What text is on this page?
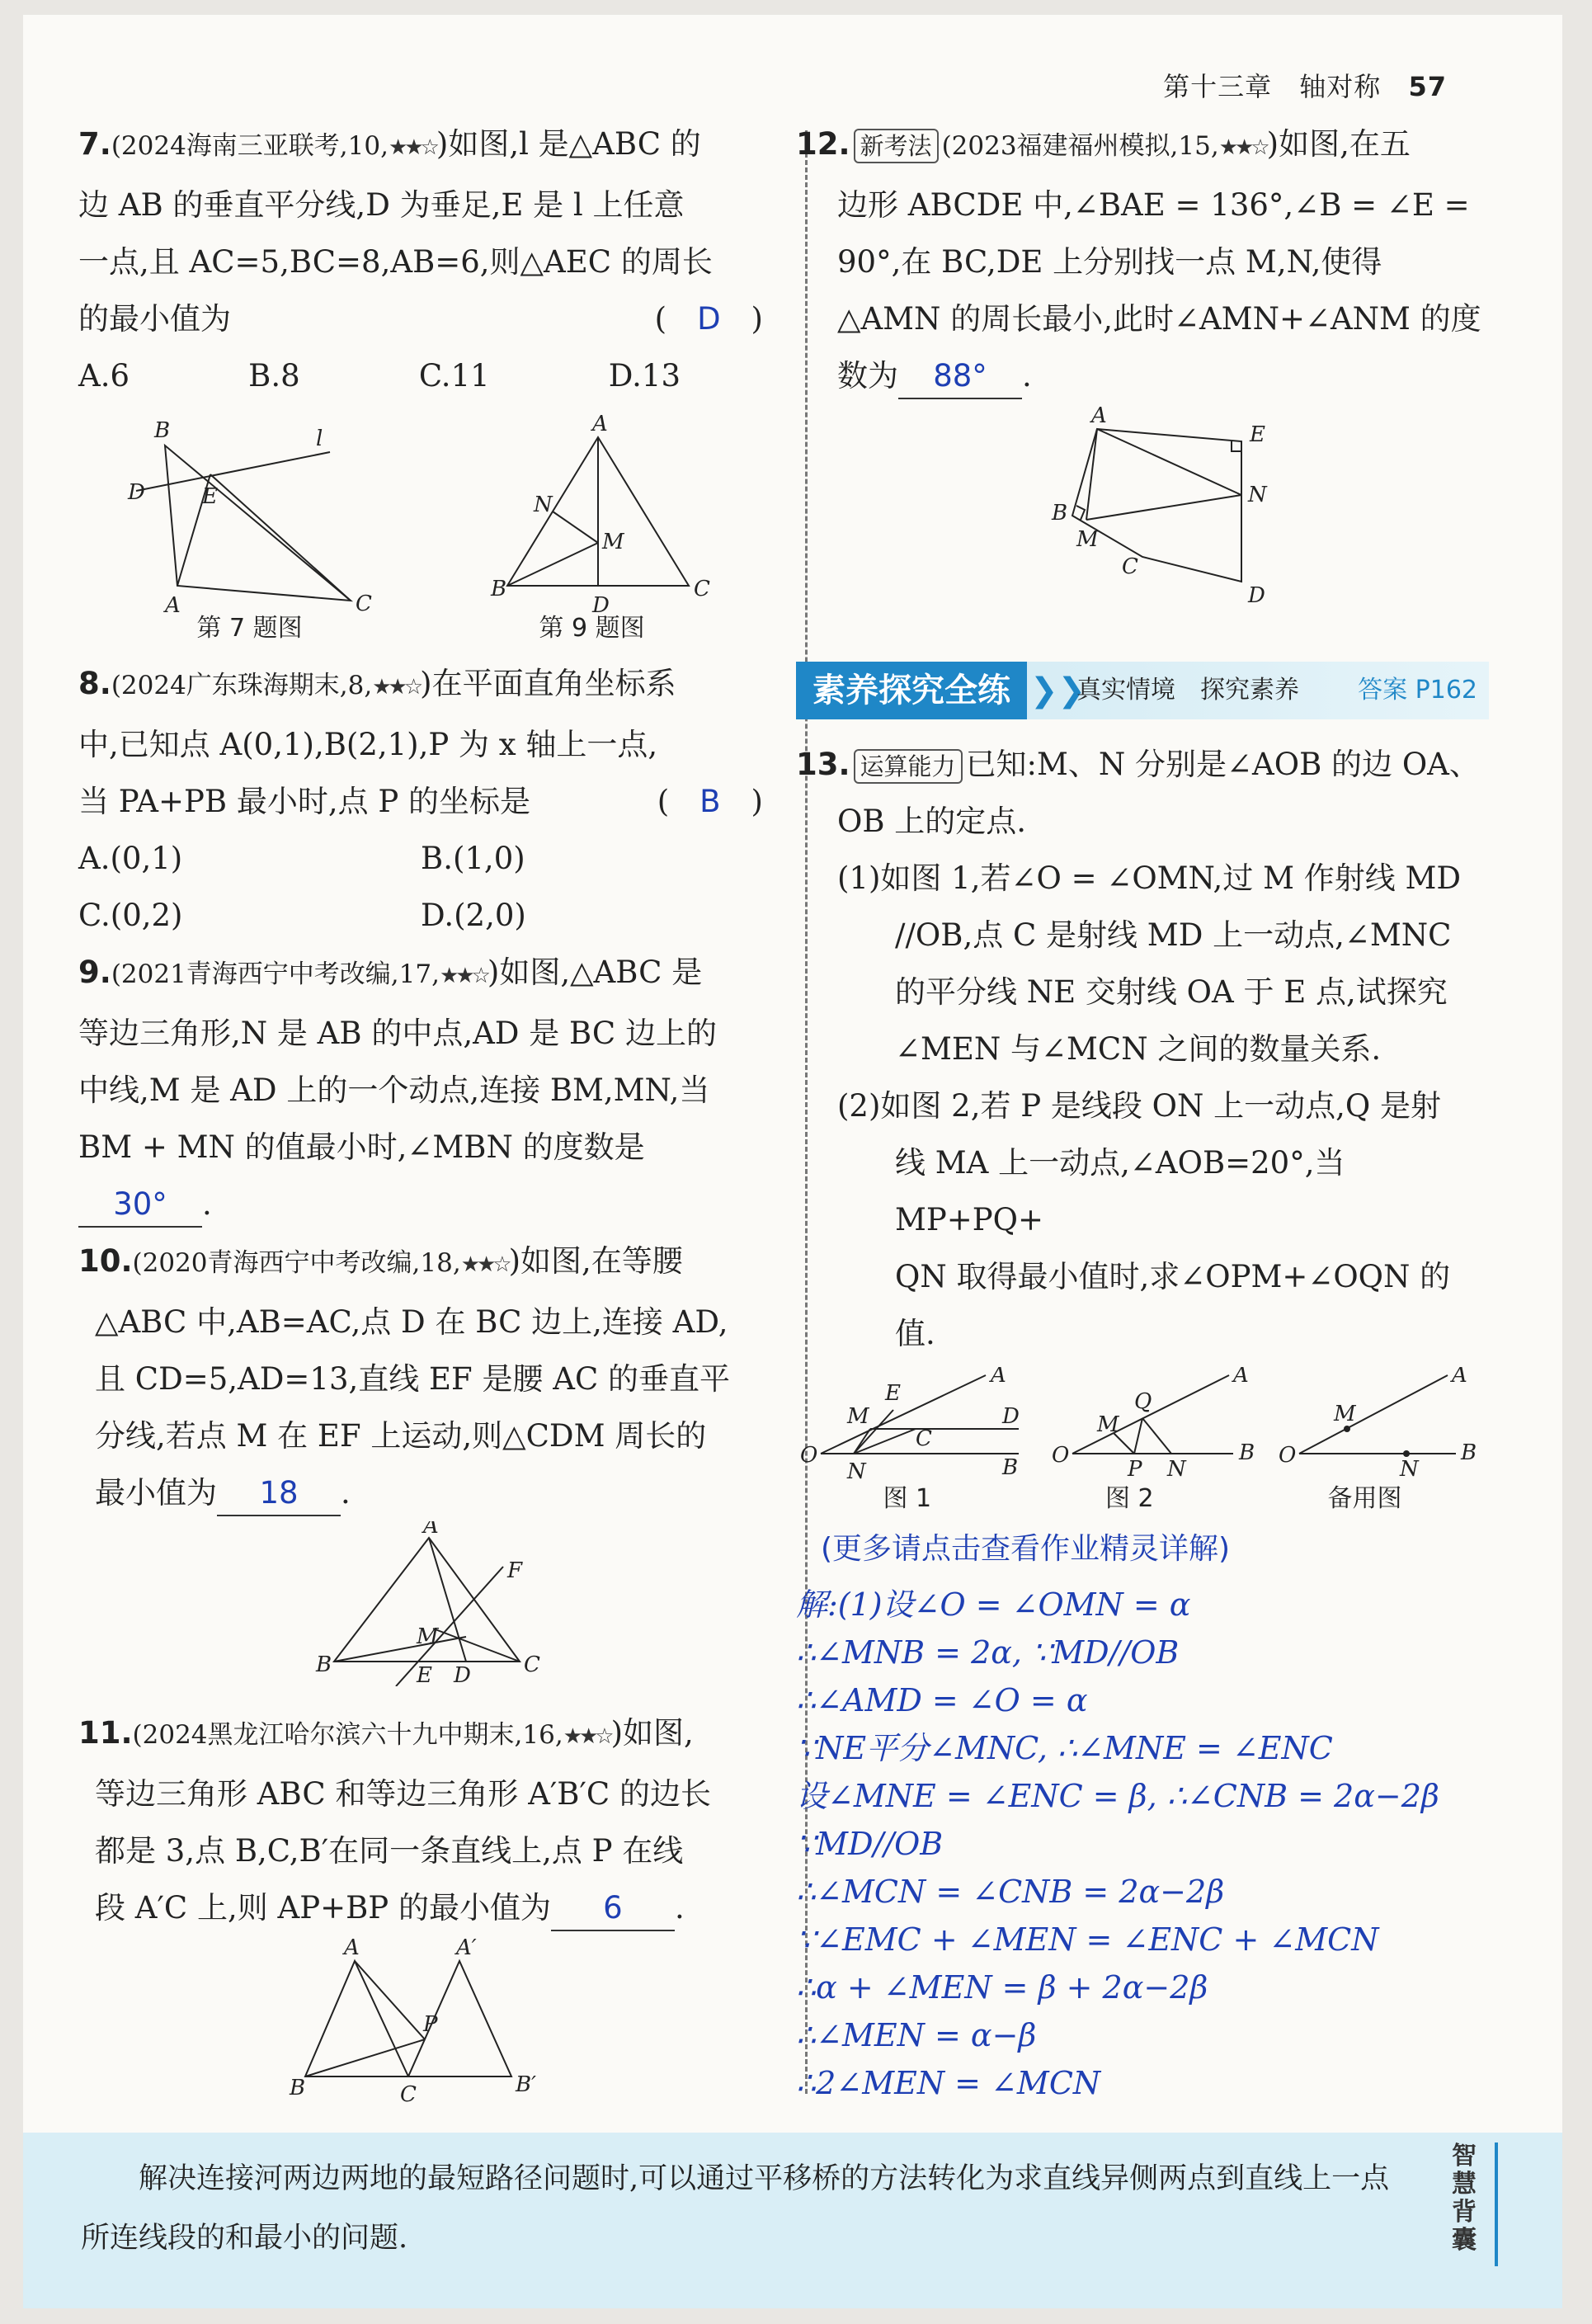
第十三章 轴对称 57

7.(2024海南三亚联考,10,★★☆)如图,l 是△ABC 的

边 AB 的垂直平分线,D 为垂足,E 是 l 上任意

一点,且 AC=5,BC=8,AB=6,则△AEC 的周长

的最小值为	(　D　)

A.6	B.8	C.11	D.13
B
D
l
E
A	C
A
N
M
B
D
C
第 7 题图	第 9 题图

8.(2024广东珠海期末,8,★★☆)在平面直角坐标系

中,已知点 A(0,1),B(2,1),P 为 x 轴上一点,

当 PA+PB 最小时,点 P 的坐标是	(　B　)

A.(0,1)	B.(1,0)
C.(0,2)	D.(2,0)

9.(2021青海西宁中考改编,17,★★☆)如图,△ABC 是

等边三角形,N 是 AB 的中点,AD 是 BC 边上的

中线,M 是 AD 上的一个动点,连接 BM,MN,当

BM + MN 的值最小时,∠MBN 的度数是

30° .

10.(2020青海西宁中考改编,18,★★☆)如图,在等腰

△ABC 中,AB=AC,点 D 在 BC 边上,连接 AD,

且 CD=5,AD=13,直线 EF 是腰 AC 的垂直平

分线,若点 M 在 EF 上运动,则△CDM 周长的

最小值为 18 .

A
F
M
B	E D C

11.(2024黑龙江哈尔滨六十九中期末,16,★★☆)如图,

等边三角形 ABC 和等边三角形 A′B′C 的边长

都是 3,点 B,C,B′在同一条直线上,点 P 在线

段 A′C 上,则 AP+BP 的最小值为 6 .

A	A′
P
B	C	B′

12. 新考法 (2023福建福州模拟,15,★★☆)如图,在五

边形 ABCDE 中,∠BAE = 136°,∠B = ∠E =

90°,在 BC,DE 上分别找一点 M,N,使得

△AMN 的周长最小,此时∠AMN+∠ANM 的度

数为 88° .

A
E
N
B
M
C
D
素养探究全练 ❯❯
真实情境　探究素养 答案 P162

13. 运算能力 已知:M、N 分别是∠AOB 的边 OA、

OB 上的定点.

(1)如图 1,若∠O = ∠OMN,过 M 作射线 MD

//OB,点 C 是射线 MD 上一动点,∠MNC

的平分线 NE 交射线 OA 于 E 点,试探究

∠MEN 与∠MCN 之间的数量关系.

(2)如图 2,若 P 是线段 ON 上一动点,Q 是射

线 MA 上一动点,∠AOB=20°,当 MP+PQ+

QN 取得最小值时,求∠OPM+∠OQN 的值.

E
A
M	D
C
O
N	B
A
Q
M
O
P N
B
A
M
O
N
B
图 1	图 2	备用图

(更多请点击查看作业精灵详解)

解:(1)设∠O = ∠OMN = α
∴∠MNB = 2α, ∵MD//OB
∴∠AMD = ∠O = α
∵NE平分∠MNC, ∴∠MNE = ∠ENC
设∠MNE = ∠ENC = β, ∴∠CNB = 2α−2β
∵MD//OB
∴∠MCN = ∠CNB = 2α−2β
∵∠EMC + ∠MEN = ∠ENC + ∠MCN
∴α + ∠MEN = β + 2α−2β
∴∠MEN = α−β
∴2∠MEN = ∠MCN
解决连接河两边两地的最短路径问题时,可以通过平移桥的方法转化为求直线异侧两点到直线上一点所连线段的和最小的问题.
智慧背囊
